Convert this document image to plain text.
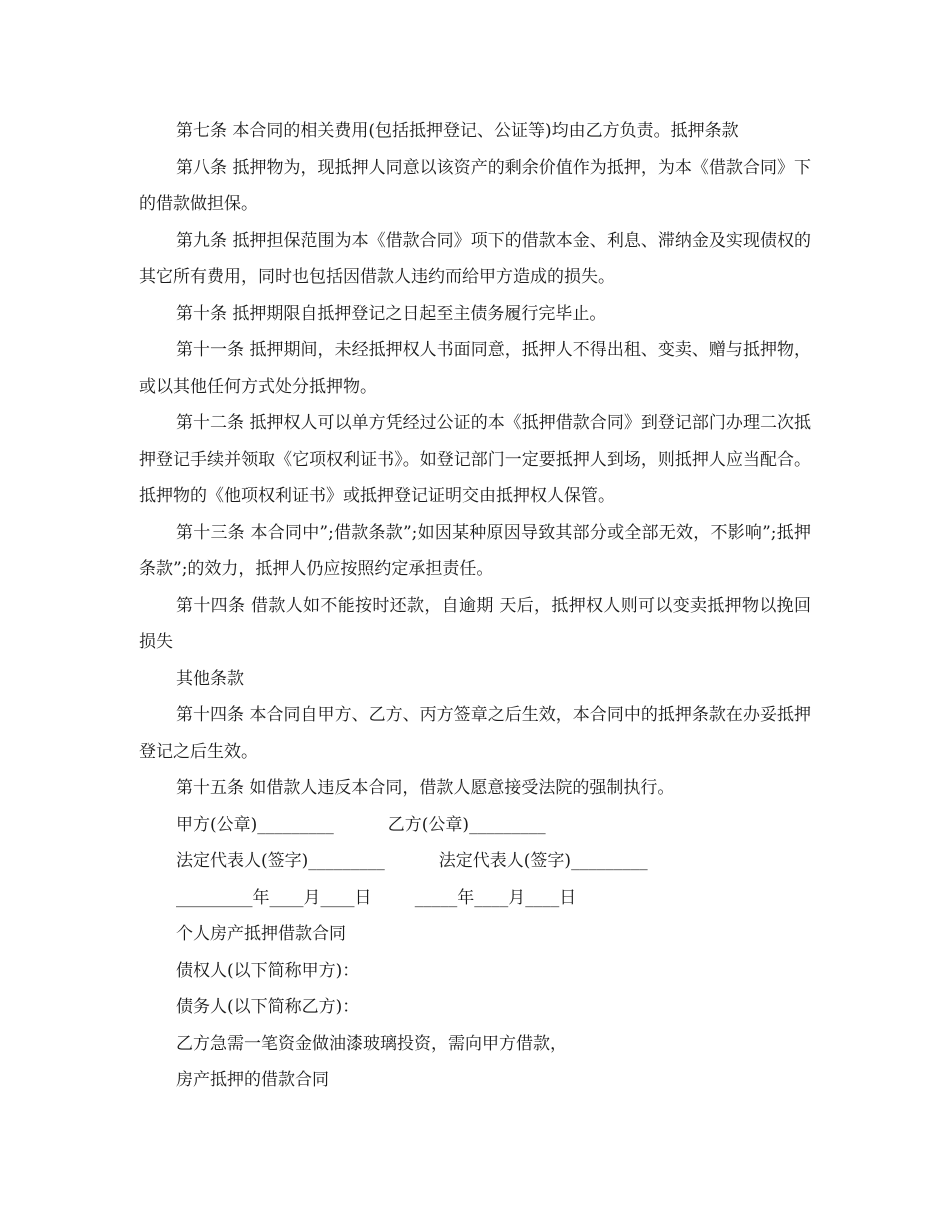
第七条 本合同的相关费用(包括抵押登记、公证等)均由乙方负责。抵押条款

第八条 抵押物为，现抵押人同意以该资产的剩余价值作为抵押，为本《借款合同》下的借款做担保。

第九条 抵押担保范围为本《借款合同》项下的借款本金、利息、滞纳金及实现债权的其它所有费用，同时也包括因借款人违约而给甲方造成的损失。

第十条 抵押期限自抵押登记之日起至主债务履行完毕止。

第十一条 抵押期间，未经抵押权人书面同意，抵押人不得出租、变卖、赠与抵押物，或以其他任何方式处分抵押物。

第十二条 抵押权人可以单方凭经过公证的本《抵押借款合同》到登记部门办理二次抵押登记手续并领取《它项权利证书》。如登记部门一定要抵押人到场，则抵押人应当配合。抵押物的《他项权利证书》或抵押登记证明交由抵押权人保管。

第十三条 本合同中”;借款条款”;如因某种原因导致其部分或全部无效，不影响”;抵押条款”;的效力，抵押人仍应按照约定承担责任。

第十四条 借款人如不能按时还款，自逾期 天后，抵押权人则可以变卖抵押物以挽回损失

其他条款

第十四条 本合同自甲方、乙方、丙方签章之后生效，本合同中的抵押条款在办妥抵押登记之后生效。

第十五条 如借款人违反本合同，借款人愿意接受法院的强制执行。

甲方(公章)_________          乙方(公章)_________

法定代表人(签字)_________          法定代表人(签字)_________

_________年____月____日        _____年____月____日

个人房产抵押借款合同

债权人(以下简称甲方)：

债务人(以下简称乙方)：

乙方急需一笔资金做油漆玻璃投资，需向甲方借款，

房产抵押的借款合同
